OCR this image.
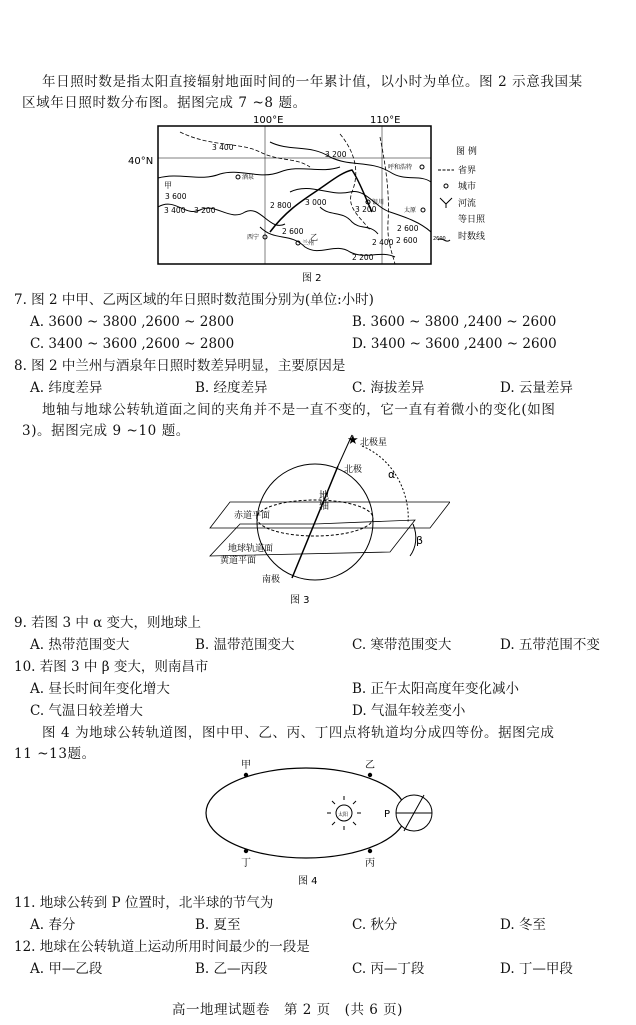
年日照时数是指太阳直接辐射地面时间的一年累计值，以小时为单位。图 2 示意我国某
区域年日照时数分布图。据图完成 7 ~8 题。
100°E	110°E
40°N
3 400
3 200
3 600
3 400 3 200
2 800 3 000
3 200
2 600	2 600
2 400
2 200
2 600
酒泉
呼和浩特
银川
西宁
兰州
太原
甲
乙
图 例
省界
城市
河流
等日照
2600 时数线
图 2
7. 图 2 中甲、乙两区域的年日照时数范围分别为(单位:小时)
A. 3600 ~ 3800 ,2600 ~ 2800	B. 3600 ~ 3800 ,2400 ~ 2600
C. 3400 ~ 3600 ,2600 ~ 2800	D. 3400 ~ 3600 ,2400 ~ 2600
8. 图 2 中兰州与酒泉年日照时数差异明显，主要原因是
A. 纬度差异	B. 经度差异	C. 海拔差异	D. 云量差异
地轴与地球公转轨道面之间的夹角并不是一直不变的，它一直有着微小的变化(如图
3)。据图完成 9 ~10 题。
★ 北极星
北极 α
地轴
赤道平面
β
地球轨道面
黄道平面
南极
图 3
9. 若图 3 中 α 变大，则地球上
A. 热带范围变大	B. 温带范围变大	C. 寒带范围变大	D. 五带范围不变
10. 若图 3 中 β 变大，则南昌市
A. 昼长时间年变化增大	B. 正午太阳高度年变化减小
C. 气温日较差增大	D. 气温年较差变小
图 4 为地球公转轨道图，图中甲、乙、丙、丁四点将轨道均分成四等份。据图完成
11 ~13题。
甲	乙
丙
丁
太阳	P
图 4
11. 地球公转到 P 位置时，北半球的节气为
A. 春分	B. 夏至	C. 秋分	D. 冬至
12. 地球在公转轨道上运动所用时间最少的一段是
A. 甲—乙段	B. 乙—丙段	C. 丙—丁段	D. 丁—甲段
高一地理试题卷　第 2 页　(共 6 页)
